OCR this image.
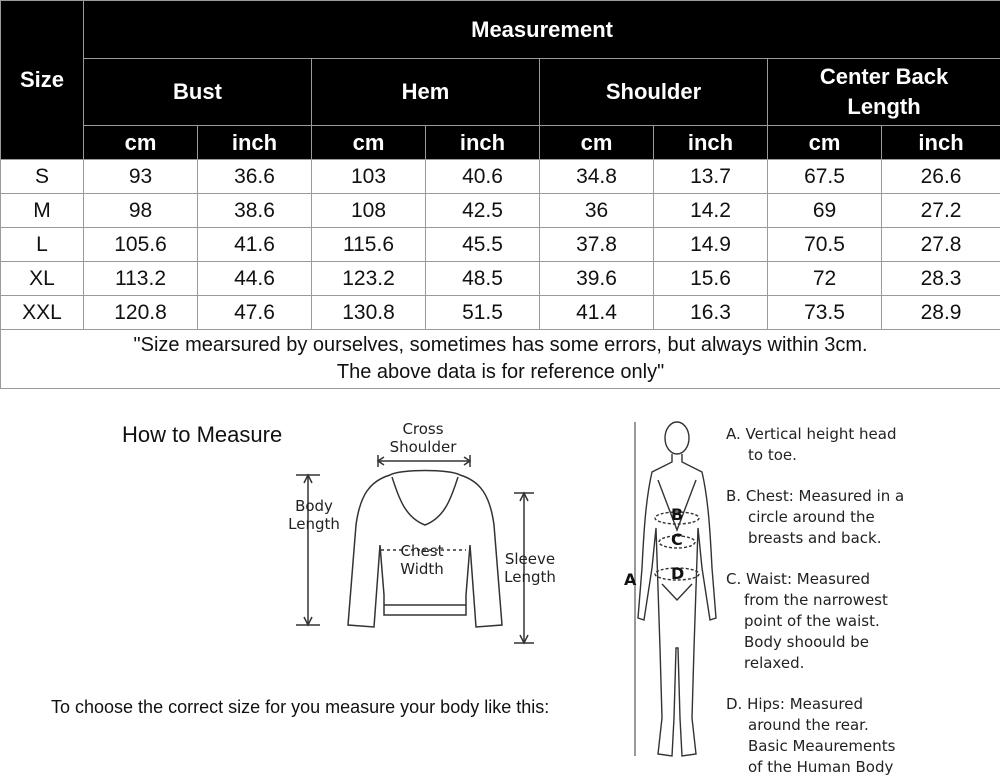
Size	Measurement							
	Bust		Hem		Shoulder		Center Back Length	
	cm	inch	cm	inch	cm	inch	cm	inch
S	93	36.6	103	40.6	34.8	13.7	67.5	26.6
M	98	38.6	108	42.5	36	14.2	69	27.2
L	105.6	41.6	115.6	45.5	37.8	14.9	70.5	27.8
XL	113.2	44.6	123.2	48.5	39.6	15.6	72	28.3
XXL	120.8	47.6	130.8	51.5	41.4	16.3	73.5	28.9
"Size mearsured by ourselves, sometimes has some errors, but always within 3cm.
The above data is for reference only"								
How to Measure
To choose the correct size for you measure your body like this:
Cross
Shoulder
Body
Length
Chest
Width
Sleeve
Length	A
B
C
D
A. Vertical height head

to toe.
B. Chest: Measured in a

circle around the
breasts and back.
C. Waist: Measured

from the narrowest
point of the waist.
Body shoould be
relaxed.
D. Hips: Measured

around the rear.
Basic Meaurements
of the Human Body
